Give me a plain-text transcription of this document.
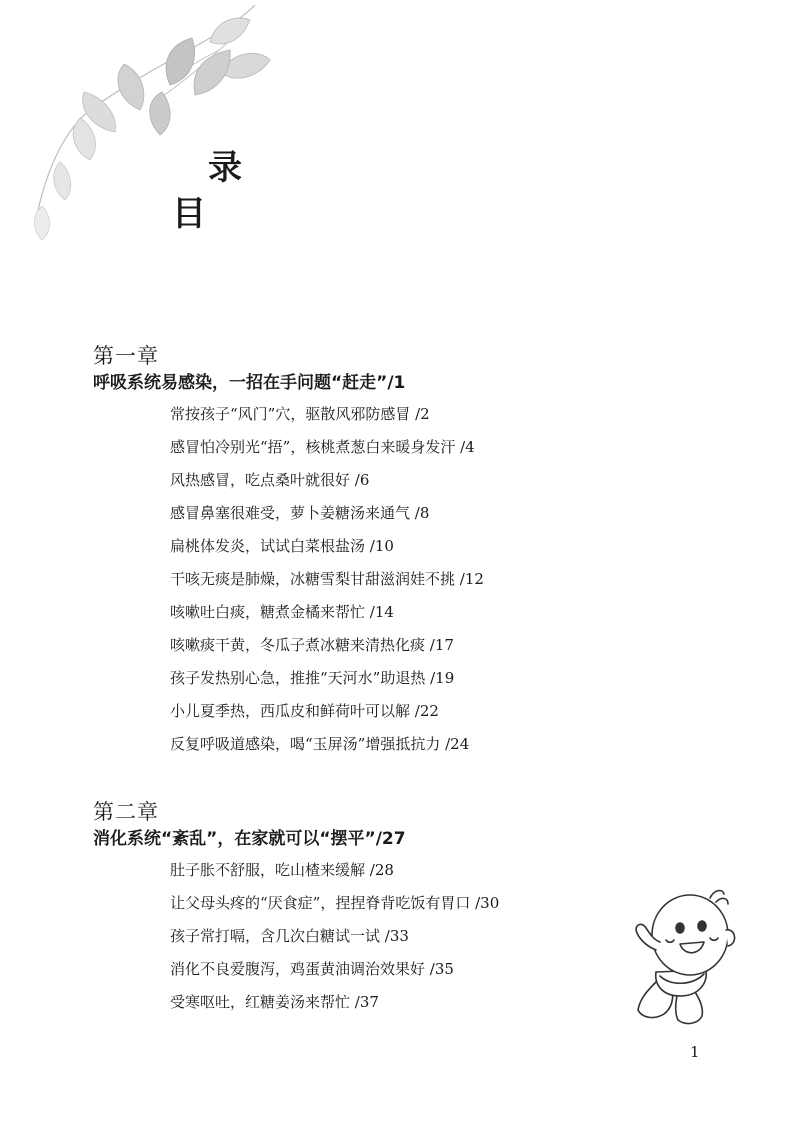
录
目
第一章
呼吸系统易感染，一招在手问题“赶走”/1
常按孩子“风门”穴，驱散风邪防感冒 /2
感冒怕冷别光“捂”，核桃煮葱白来暖身发汗 /4
风热感冒，吃点桑叶就很好 /6
感冒鼻塞很难受，萝卜姜糖汤来通气 /8
扁桃体发炎，试试白菜根盐汤 /10
干咳无痰是肺燥，冰糖雪梨甘甜滋润娃不挑 /12
咳嗽吐白痰，糖煮金橘来帮忙 /14
咳嗽痰干黄，冬瓜子煮冰糖来清热化痰 /17
孩子发热别心急，推推“天河水”助退热 /19
小儿夏季热，西瓜皮和鲜荷叶可以解 /22
反复呼吸道感染，喝“玉屏汤”增强抵抗力 /24
第二章
消化系统“紊乱”，在家就可以“摆平”/27
肚子胀不舒服，吃山楂来缓解 /28
让父母头疼的“厌食症”，捏捏脊背吃饭有胃口 /30
孩子常打嗝，含几次白糖试一试 /33
消化不良爱腹泻，鸡蛋黄油调治效果好 /35
受寒呕吐，红糖姜汤来帮忙 /37
1
